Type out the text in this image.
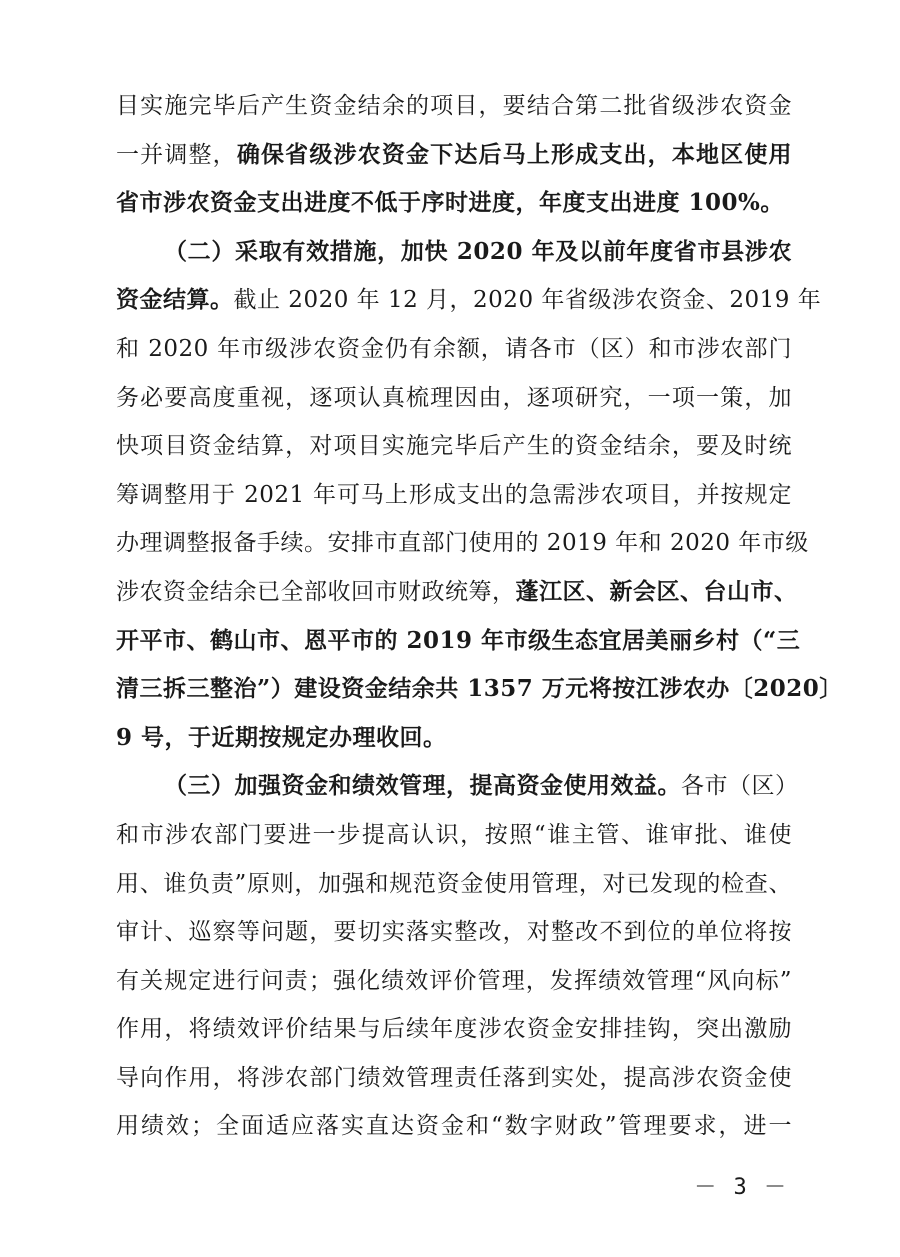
目实施完毕后产生资金结余的项目，要结合第二批省级涉农资金
一并调整，确保省级涉农资金下达后马上形成支出，本地区使用
省市涉农资金支出进度不低于序时进度，年度支出进度 100%。
（二）采取有效措施，加快 2020 年及以前年度省市县涉农
资金结算。截止 2020 年 12 月，2020 年省级涉农资金、2019 年
和 2020 年市级涉农资金仍有余额，请各市（区）和市涉农部门
务必要高度重视，逐项认真梳理因由，逐项研究，一项一策，加
快项目资金结算，对项目实施完毕后产生的资金结余，要及时统
筹调整用于 2021 年可马上形成支出的急需涉农项目，并按规定
办理调整报备手续。安排市直部门使用的 2019 年和 2020 年市级
涉农资金结余已全部收回市财政统筹，蓬江区、新会区、台山市、
开平市、鹤山市、恩平市的 2019 年市级生态宜居美丽乡村（“三
清三拆三整治”）建设资金结余共 1357 万元将按江涉农办〔2020〕
9 号，于近期按规定办理收回。
（三）加强资金和绩效管理，提高资金使用效益。各市（区）
和市涉农部门要进一步提高认识，按照“谁主管、谁审批、谁使
用、谁负责”原则，加强和规范资金使用管理，对已发现的检查、
审计、巡察等问题，要切实落实整改，对整改不到位的单位将按
有关规定进行问责；强化绩效评价管理，发挥绩效管理“风向标”
作用，将绩效评价结果与后续年度涉农资金安排挂钩，突出激励
导向作用，将涉农部门绩效管理责任落到实处，提高涉农资金使
用绩效；全面适应落实直达资金和“数字财政”管理要求，进一
－ 3 －
